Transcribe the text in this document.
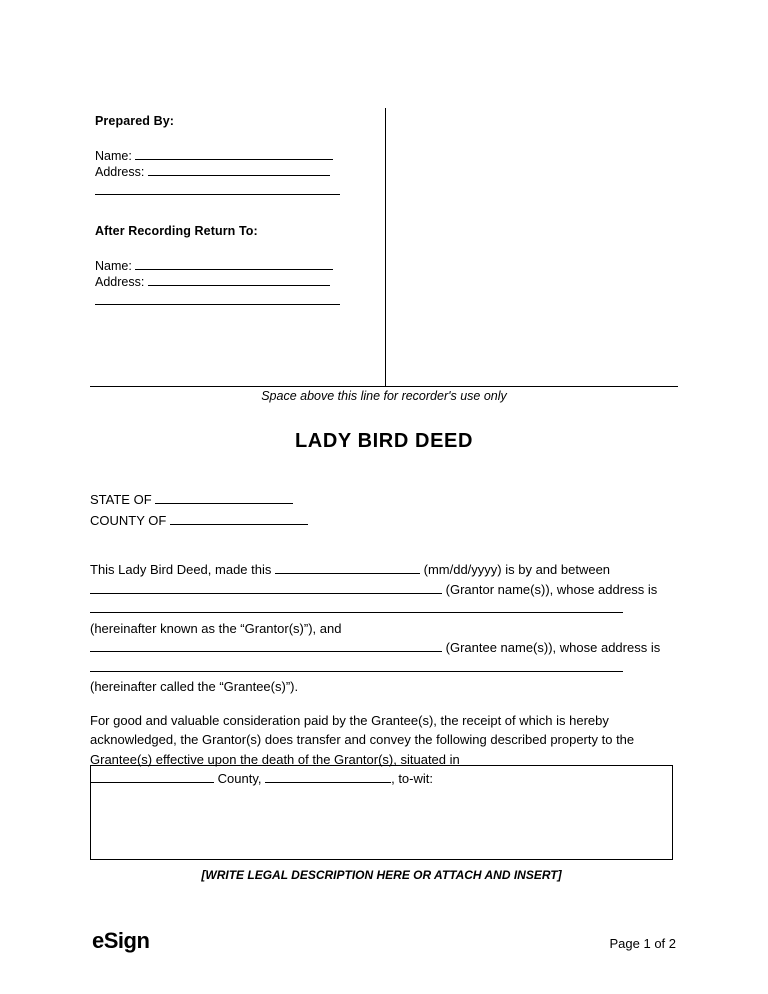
Prepared By:
Name:
Address:
After Recording Return To:
Name:
Address:
Space above this line for recorder's use only
LADY BIRD DEED
STATE OF
COUNTY OF
This Lady Bird Deed, made this	(mm/dd/yyyy) is by and between
(Grantor name(s)), whose address is
(hereinafter known as the “Grantor(s)”), and
(Grantee name(s)), whose address is
(hereinafter called the “Grantee(s)”).
For good and valuable consideration paid by the Grantee(s), the receipt of which is hereby
acknowledged, the Grantor(s) does transfer and convey the following described property to the
Grantee(s) effective upon the death of the Grantor(s), situated in
County,	, to-wit:
[WRITE LEGAL DESCRIPTION HERE OR ATTACH AND INSERT]
eSign	Page 1 of 2
